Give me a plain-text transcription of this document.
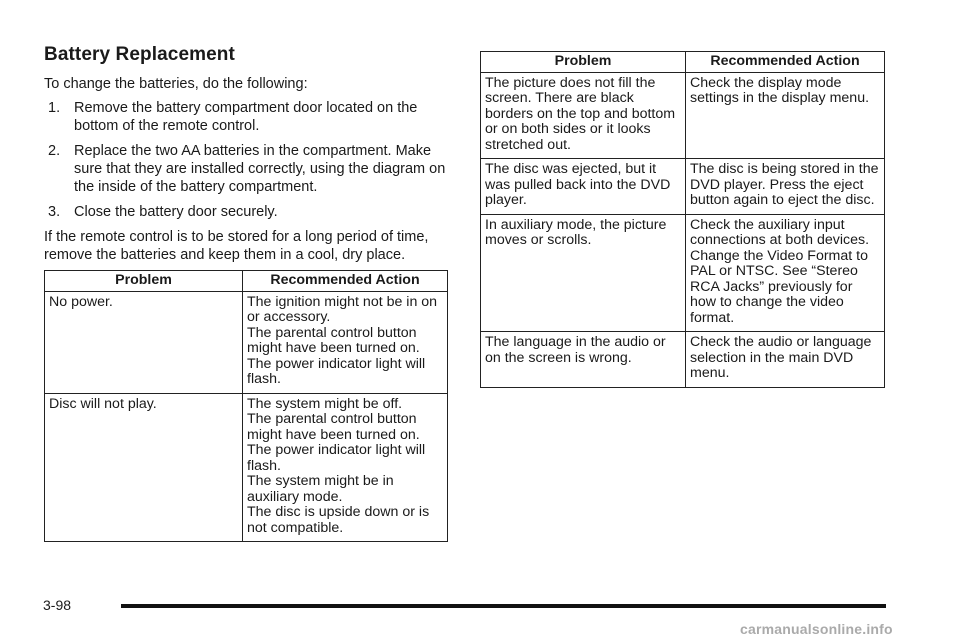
Battery Replacement

To change the batteries, do the following:

1. Remove the battery compartment door located on the bottom of the remote control.
2. Replace the two AA batteries in the compartment. Make sure that they are installed correctly, using the diagram on the inside of the battery compartment.
3. Close the battery door securely.

If the remote control is to be stored for a long period of time, remove the batteries and keep them in a cool, dry place.

Problem	Recommended Action
No power.	The ignition might not be in on or accessory.
The parental control button might have been turned on. The power indicator light will flash.

Disc will not play.	The system might be off.
The parental control button might have been turned on. The power indicator light will flash.
The system might be in auxiliary mode.
The disc is upside down or is not compatible.
Problem	Recommended Action
The picture does not fill the screen. There are black borders on the top and bottom or on both sides or it looks stretched out.	Check the display mode settings in the display menu.

The disc was ejected, but it was pulled back into the DVD player.	The disc is being stored in the DVD player. Press the eject button again to eject the disc.

In auxiliary mode, the picture moves or scrolls.	Check the auxiliary input connections at both devices.
Change the Video Format to PAL or NTSC. See “Stereo RCA Jacks” previously for how to change the video format.

The language in the audio or on the screen is wrong.	Check the audio or language selection in the main DVD menu.
3-98
carmanualsonline.info
